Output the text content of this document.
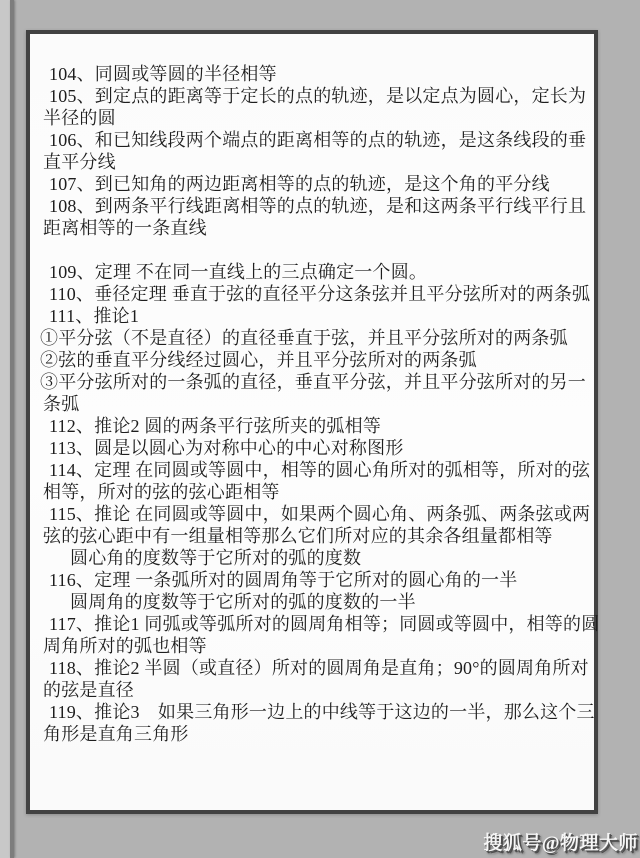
104、同圆或等圆的半径相等
105、到定点的距离等于定长的点的轨迹，是以定点为圆心，定长为
半径的圆
106、和已知线段两个端点的距离相等的点的轨迹，是这条线段的垂
直平分线
107、到已知角的两边距离相等的点的轨迹，是这个角的平分线
108、到两条平行线距离相等的点的轨迹，是和这两条平行线平行且
距离相等的一条直线
109、定理 不在同一直线上的三点确定一个圆。
110、垂径定理 垂直于弦的直径平分这条弦并且平分弦所对的两条弧
111、推论1
①平分弦（不是直径）的直径垂直于弦，并且平分弦所对的两条弧
②弦的垂直平分线经过圆心，并且平分弦所对的两条弧
③平分弦所对的一条弧的直径，垂直平分弦，并且平分弦所对的另一
条弧
112、推论2 圆的两条平行弦所夹的弧相等
113、圆是以圆心为对称中心的中心对称图形
114、定理 在同圆或等圆中，相等的圆心角所对的弧相等，所对的弦
相等，所对的弦的弦心距相等
115、推论 在同圆或等圆中，如果两个圆心角、两条弧、两条弦或两
弦的弦心距中有一组量相等那么它们所对应的其余各组量都相等
圆心角的度数等于它所对的弧的度数
116、定理 一条弧所对的圆周角等于它所对的圆心角的一半
圆周角的度数等于它所对的弧的度数的一半
117、推论1 同弧或等弧所对的圆周角相等；同圆或等圆中，相等的圆
周角所对的弧也相等
118、推论2 半圆（或直径）所对的圆周角是直角；90°的圆周角所对
的弦是直径
119、推论3　如果三角形一边上的中线等于这边的一半，那么这个三
角形是直角三角形
搜狐号@物理大师
